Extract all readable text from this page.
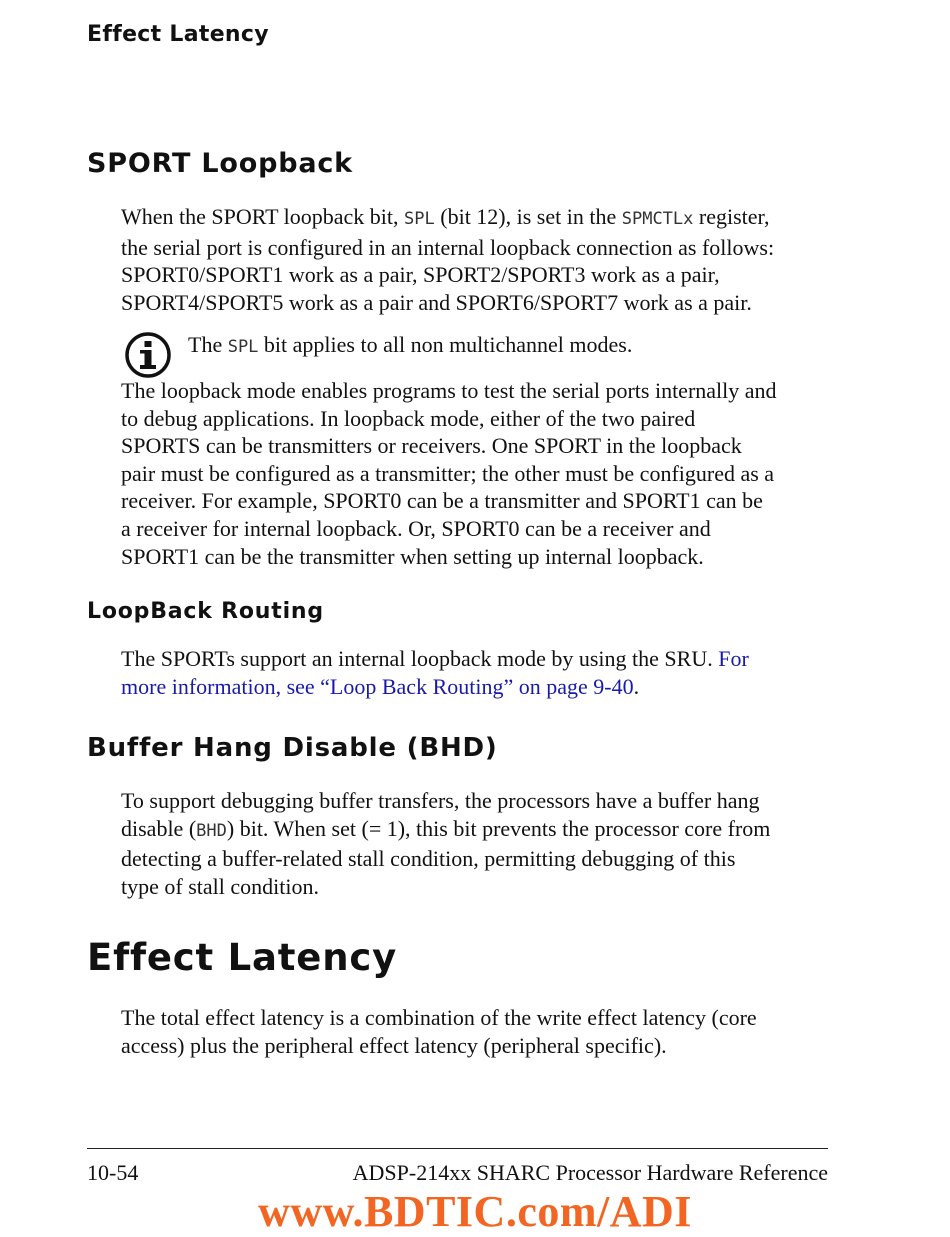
Effect Latency
SPORT Loopback

When the SPORT loopback bit, SPL (bit 12), is set in the SPMCTLx register,
the serial port is configured in an internal loopback connection as follows:
SPORT0/SPORT1 work as a pair, SPORT2/SPORT3 work as a pair,
SPORT4/SPORT5 work as a pair and SPORT6/SPORT7 work as a pair.

The SPL bit applies to all non multichannel modes.

The loopback mode enables programs to test the serial ports internally and
to debug applications. In loopback mode, either of the two paired
SPORTS can be transmitters or receivers. One SPORT in the loopback
pair must be configured as a transmitter; the other must be configured as a
receiver. For example, SPORT0 can be a transmitter and SPORT1 can be
a receiver for internal loopback. Or, SPORT0 can be a receiver and
SPORT1 can be the transmitter when setting up internal loopback.

LoopBack Routing

The SPORTs support an internal loopback mode by using the SRU. For
more information, see “Loop Back Routing” on page 9-40.

Buffer Hang Disable (BHD)

To support debugging buffer transfers, the processors have a buffer hang
disable (BHD) bit. When set (= 1), this bit prevents the processor core from
detecting a buffer-related stall condition, permitting debugging of this
type of stall condition.

Effect Latency

The total effect latency is a combination of the write effect latency (core
access) plus the peripheral effect latency (peripheral specific).

10-54	ADSP-214xx SHARC Processor Hardware Reference
www.BDTIC.com/ADI
